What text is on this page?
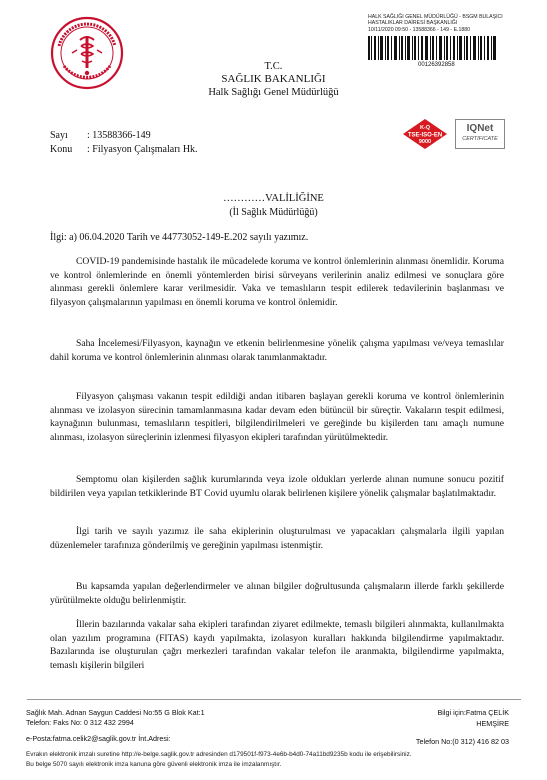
HALK SAĞLIĞI GENEL MÜDÜRLÜĞÜ - BSGM BULAŞICI
HASTALIKLAR DAİRESİ BAŞKANLIĞI
10/11/2020 09:50 - 13588366 - 149 - E.1880
00126392858
T.C.
SAĞLIK BAKANLIĞI
Halk Sağlığı Genel Müdürlüğü
K-Q
TSE-ISO-EN
9000
IQNet
CERTIFICATE
Sayı : 13588366-149
Konu : Filyasyon Çalışmaları Hk.
…………VALİLİĞİNE
(İl Sağlık Müdürlüğü)
İlgi: a) 06.04.2020 Tarih ve 44773052-149-E.202 sayılı yazımız.

COVID-19 pandemisinde hastalık ile mücadelede koruma ve kontrol önlemlerinin alınması önemlidir. Koruma ve kontrol önlemlerinde en önemli yöntemlerden birisi sürveyans verilerinin analiz edilmesi ve sonuçlara göre alınması gerekli önlemlere karar verilmesidir. Vaka ve temaslıların tespit edilerek tedavilerinin başlanması ve filyasyon çalışmalarının yapılması en önemli koruma ve kontrol önlemidir.

Saha İncelemesi/Filyasyon, kaynağın ve etkenin belirlenmesine yönelik çalışma yapılması ve/veya temaslılar dahil koruma ve kontrol önlemlerinin alınması olarak tanımlanmaktadır.

Filyasyon çalışması vakanın tespit edildiği andan itibaren başlayan gerekli koruma ve kontrol önlemlerinin alınması ve izolasyon sürecinin tamamlanmasına kadar devam eden bütüncül bir süreçtir. Vakaların tespit edilmesi, kaynağının bulunması, temaslıların tespitleri, bilgilendirilmeleri ve gereğinde bu kişilerden tanı amaçlı numune alınması, izolasyon süreçlerinin izlenmesi filyasyon ekipleri tarafından yürütülmektedir.

Semptomu olan kişilerden sağlık kurumlarında veya izole oldukları yerlerde alınan numune sonucu pozitif bildirilen veya yapılan tetkiklerinde BT Covid uyumlu olarak belirlenen kişilere yönelik çalışmalar başlatılmaktadır.

İlgi tarih ve sayılı yazımız ile saha ekiplerinin oluşturulması ve yapacakları çalışmalarla ilgili yapılan düzenlemeler tarafınıza gönderilmiş ve gereğinin yapılması istenmiştir.

Bu kapsamda yapılan değerlendirmeler ve alınan bilgiler doğrultusunda çalışmaların illerde farklı şekillerde yürütülmekte olduğu belirlenmiştir.

İllerin bazılarında vakalar saha ekipleri tarafından ziyaret edilmekte, temaslı bilgileri alınmakta, kullanılmakta olan yazılım programına (FITAS) kaydı yapılmakta, izolasyon kuralları hakkında bilgilendirme yapılmaktadır. Bazılarında ise oluşturulan çağrı merkezleri tarafından vakalar telefon ile aranmakta, bilgilendirme yapılmakta, temaslı kişilerin bilgileri

Sağlık Mah. Adnan Saygun Caddesi No:55 G Blok Kat:1
Telefon: Faks No: 0 312 432 2994
e-Posta:fatma.celik2@saglik.gov.tr İnt.Adresi:
Bilgi için:Fatma ÇELİK
HEMŞİRE
Telefon No:(0 312) 416 82 03
Evrakın elektronik imzalı suretine http://e-belge.saglik.gov.tr adresinden d179501f-f973-4e6b-b4d0-74a11bd9235b kodu ile erişebilirsiniz.
Bu belge 5070 sayılı elektronik imza kanuna göre güvenli elektronik imza ile imzalanmıştır.
